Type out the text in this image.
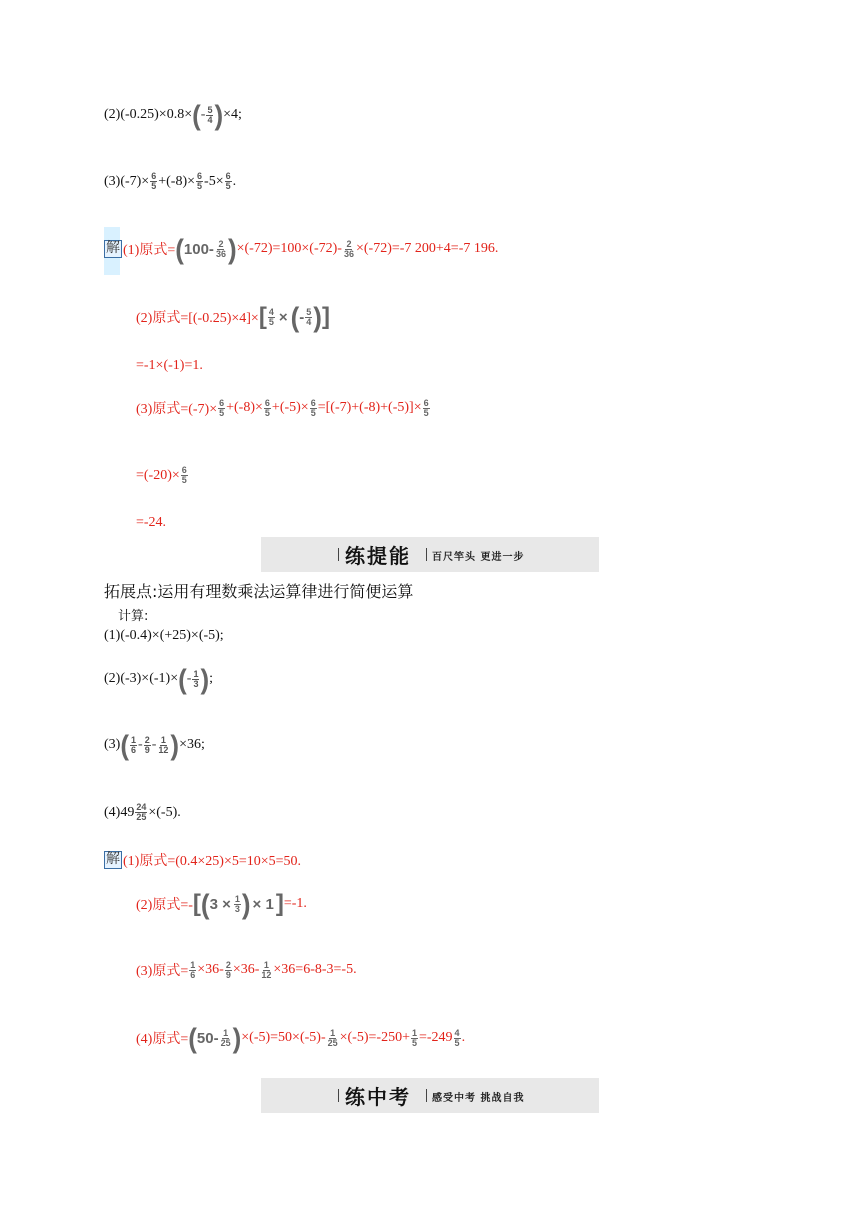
(2)(-0.25)×0.8× ( - $\frac{5}{4}$ ) ×4;
$(3)(-7)\times \frac{6}{5} +(-8)\times \frac{6}{5} -5\times \frac{6}{5}$ .
解 (1)原式= ( $100- \frac{2}{36}$ ) $\times(-72)=100\times(-72)- \frac{2}{36} \times(-72)=-7$ 200+4=-7 196.
(2)原式=[(-0.25)×4]× [ $\frac{4}{5}$ × ( - $\frac{5}{4}$ ) ]
=-1×(-1)=1.
(3)原式$=(-7)\times \frac{6}{5} +(-8)\times \frac{6}{5} +(-5)\times \frac{6}{5} =[(-7)+(-8)+(-5)]\times \frac{6}{5}$
$=(-20)\times \frac{6}{5}$
=-24.
练提能 百尺竿头 更进一步
拓展点:运用有理数乘法运算律进行简便运算
计算:
(1)(-0.4)×(+25)×(-5);
(2)(-3)×(-1)× ( - $\frac{1}{3}$ ) ;
(3) ( $\frac{1}{6} - \frac{2}{9} - \frac{1}{12}$ ) ×36;
$(4)49 \frac{24}{25} \times(-5)$.
解 (1)原式=(0.4×25)×5=10×5=50.
(2)原式=- [ ( $3 \times \frac{1}{3}$ ) × 1 ] =-1.
(3)原式= $\frac{1}{6} \times 36- \frac{2}{9} \times 36- \frac{1}{12} \times 36=6-8-3=-5$.
(4)原式= ( $50- \frac{1}{25}$ ) $\times(-5)=50\times(-5)- \frac{1}{25} \times(-5)=-250+ \frac{1}{5} =-249 \frac{4}{5}$ .
练中考 感受中考 挑战自我
